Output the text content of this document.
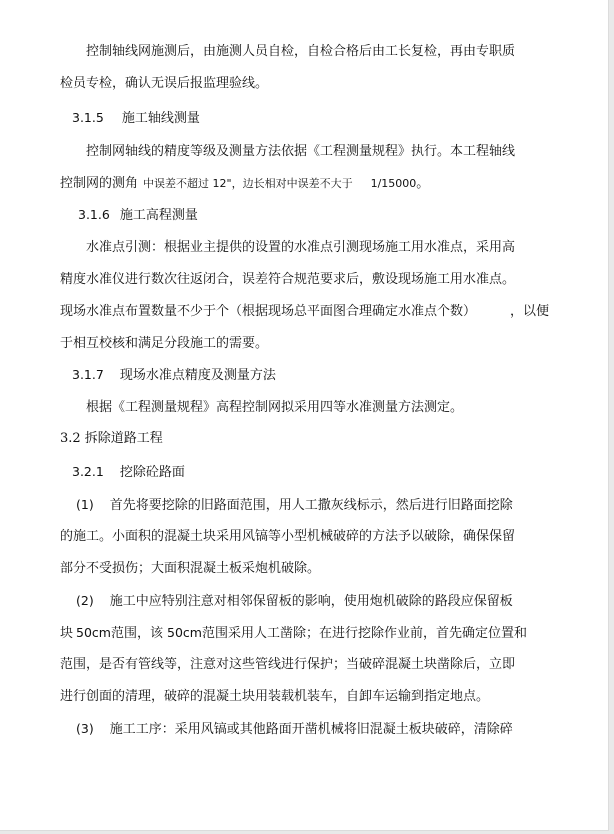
控制轴线网施测后，由施测人员自检，自检合格后由工长复检，再由专职质
检员专检，确认无误后报监理验线。
3.1.5 施工轴线测量
控制网轴线的精度等级及测量方法依据《工程测量规程》执行。本工程轴线
控制网的测角 中误差不超过 12"，边长相对中误差不大于 1/15000。
3.1.6 施工高程测量
水准点引测：根据业主提供的设置的水准点引测现场施工用水准点，采用高
精度水准仪进行数次往返闭合，误差符合规范要求后，敷设现场施工用水准点。
现场水准点布置数量不少于个（根据现场总平面图合理确定水准点个数）	，以便
于相互校核和满足分段施工的需要。
3.1.7 现场水准点精度及测量方法
根据《工程测量规程》高程控制网拟采用四等水准测量方法测定。
3.2 拆除道路工程
3.2.1 挖除砼路面
(1) 首先将要挖除的旧路面范围，用人工撒灰线标示，然后进行旧路面挖除
的施工。小面积的混凝土块采用风镐等小型机械破碎的方法予以破除，确保保留
部分不受损伤；大面积混凝土板采炮机破除。
(2) 施工中应特别注意对相邻保留板的影响，使用炮机破除的路段应保留板
块 50cm范围，该 50cm范围采用人工凿除；在进行挖除作业前，首先确定位置和
范围，是否有管线等，注意对这些管线进行保护；当破碎混凝土块凿除后，立即
进行创面的清理，破碎的混凝土块用装载机装车，自卸车运输到指定地点。
(3) 施工工序：采用风镐或其他路面开凿机械将旧混凝土板块破碎，清除碎
